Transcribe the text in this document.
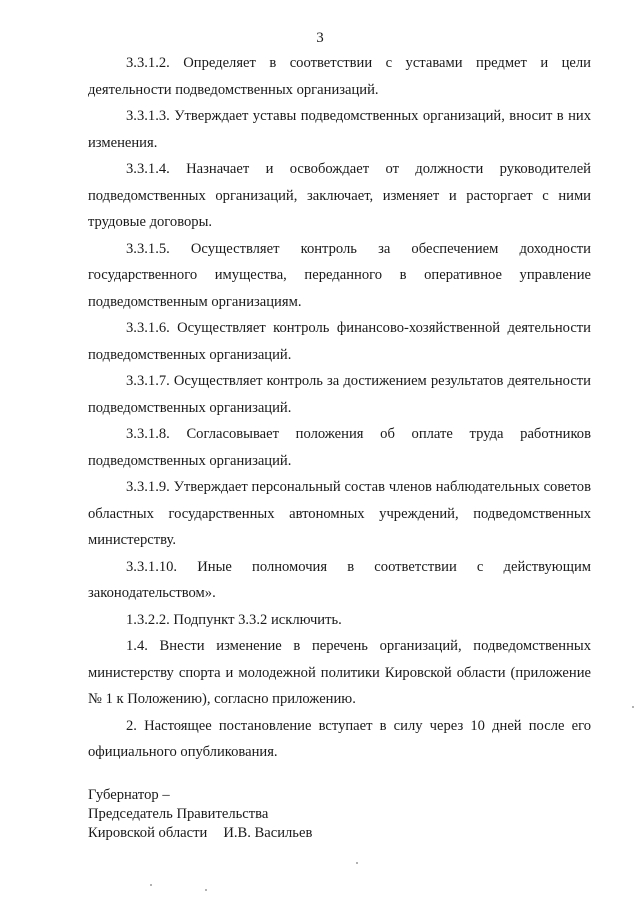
3

3.3.1.2. Определяет в соответствии с уставами предмет и цели деятельности подведомственных организаций.

3.3.1.3. Утверждает уставы подведомственных организаций, вносит в них изменения.

3.3.1.4. Назначает и освобождает от должности руководителей подведомственных организаций, заключает, изменяет и расторгает с ними трудовые договоры.

3.3.1.5. Осуществляет контроль за обеспечением доходности государственного имущества, переданного в оперативное управление подведомственным организациям.

3.3.1.6. Осуществляет контроль финансово-хозяйственной деятельности подведомственных организаций.

3.3.1.7. Осуществляет контроль за достижением результатов деятельности подведомственных организаций.

3.3.1.8. Согласовывает положения об оплате труда работников подведомственных организаций.

3.3.1.9. Утверждает персональный состав членов наблюдательных советов областных государственных автономных учреждений, подведомственных министерству.

3.3.1.10. Иные полномочия в соответствии с действующим законодательством».

1.3.2.2. Подпункт 3.3.2 исключить.

1.4. Внести изменение в перечень организаций, подведомственных министерству спорта и молодежной политики Кировской области (приложение № 1 к Положению), согласно приложению.

2. Настоящее постановление вступает в силу через 10 дней после его официального опубликования.

Губернатор –
Председатель Правительства
Кировской области И.В. Васильев
